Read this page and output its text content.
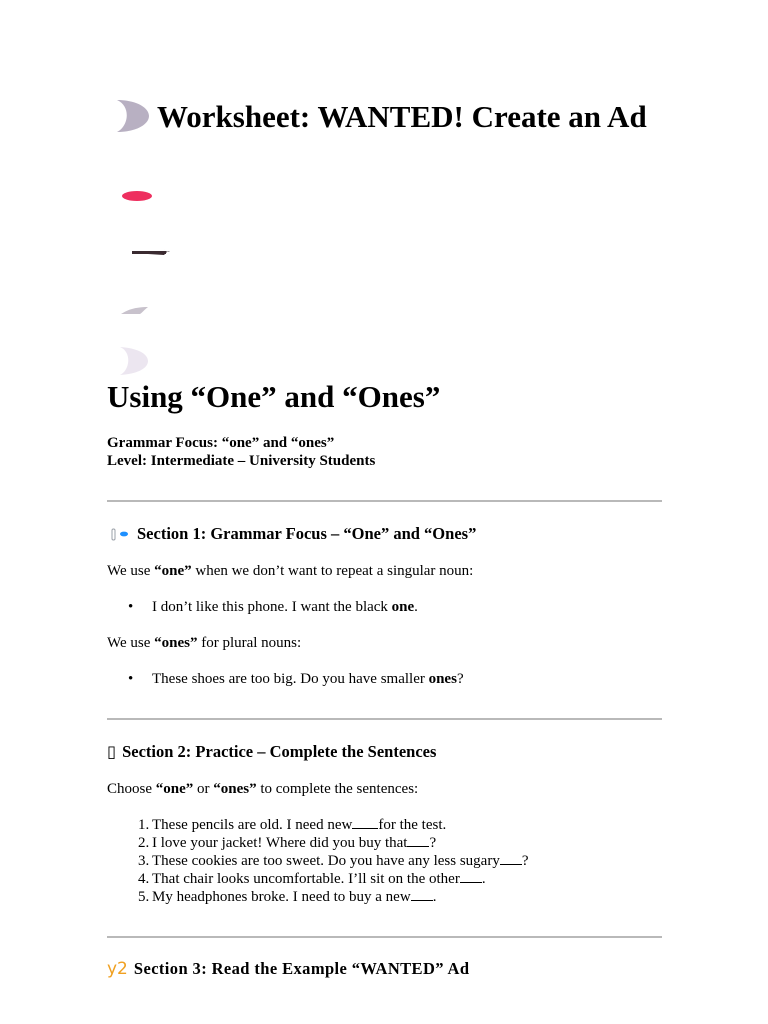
Worksheet: WANTED! Create an Ad
Using “One” and “Ones”
Grammar Focus: “one” and “ones”
Level: Intermediate – University Students
Section 1: Grammar Focus – “One” and “Ones”
We use “one” when we don’t want to repeat a singular noun:
• I don’t like this phone. I want the black one.
We use “ones” for plural nouns:
• These shoes are too big. Do you have smaller ones?
▯ Section 2: Practice – Complete the Sentences
Choose “one” or “ones” to complete the sentences:
1. These pencils are old. I need new for the test.
2. I love your jacket! Where did you buy that ?
3. These cookies are too sweet. Do you have any less sugary ?
4. That chair looks uncomfortable. I’ll sit on the other .
5. My headphones broke. I need to buy a new .
y2 Section 3: Read the Example “WANTED” Ad
